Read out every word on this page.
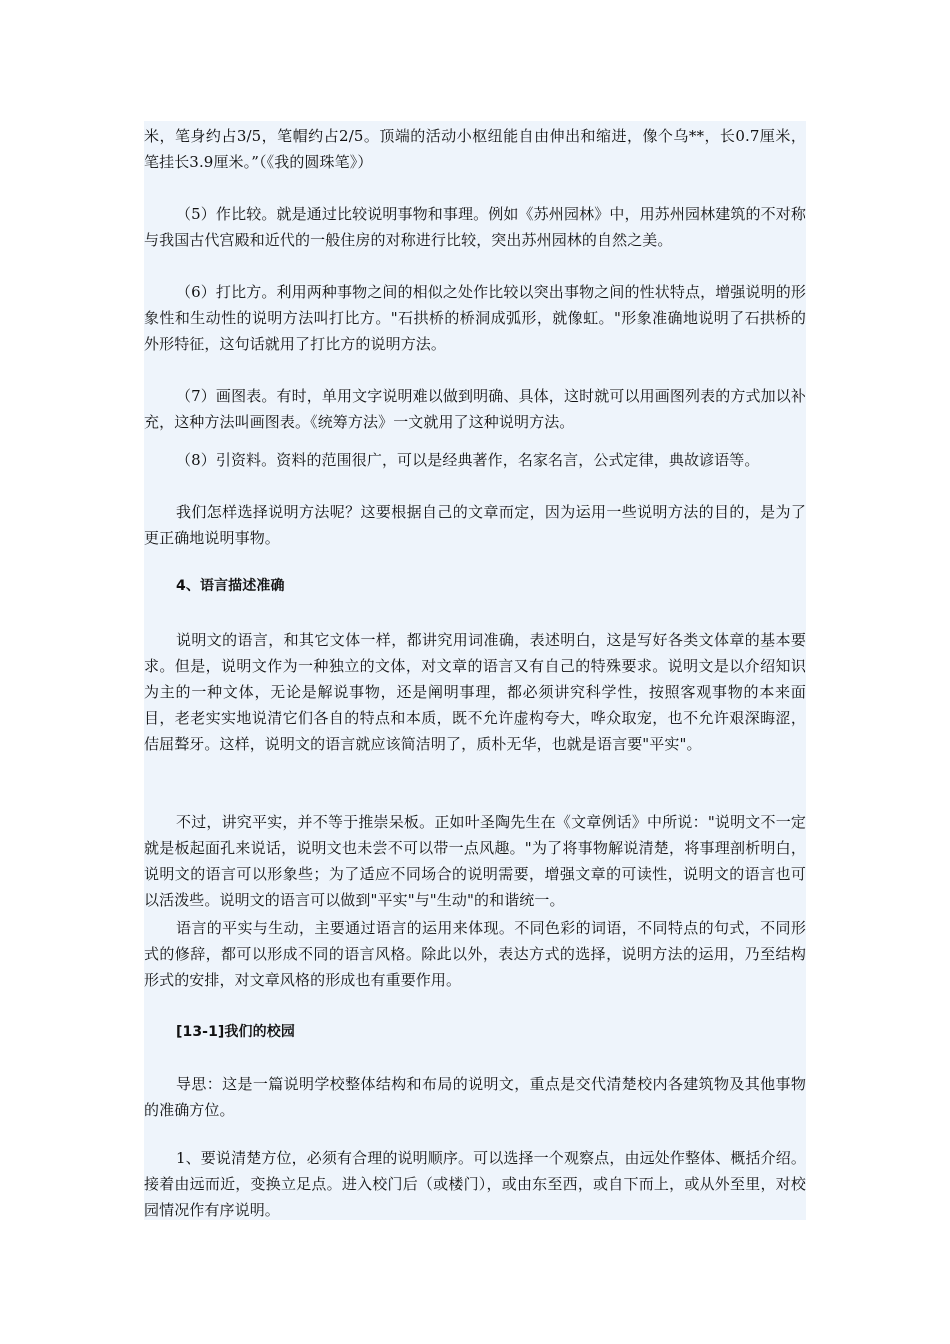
米，笔身约占3/5，笔帽约占2/5。顶端的活动小枢纽能自由伸出和缩进，像个乌**，长0.7厘米，笔挂长3.9厘米。”（《我的圆珠笔》）

（5）作比较。就是通过比较说明事物和事理。例如《苏州园林》中，用苏州园林建筑的不对称与我国古代宫殿和近代的一般住房的对称进行比较，突出苏州园林的自然之美。

（6）打比方。利用两种事物之间的相似之处作比较以突出事物之间的性状特点，增强说明的形象性和生动性的说明方法叫打比方。"石拱桥的桥洞成弧形，就像虹。"形象准确地说明了石拱桥的外形特征，这句话就用了打比方的说明方法。

（7）画图表。有时，单用文字说明难以做到明确、具体，这时就可以用画图列表的方式加以补充，这种方法叫画图表。《统筹方法》一文就用了这种说明方法。

（8）引资料。资料的范围很广，可以是经典著作，名家名言，公式定律，典故谚语等。

我们怎样选择说明方法呢？这要根据自己的文章而定，因为运用一些说明方法的目的，是为了更正确地说明事物。

4、语言描述准确

说明文的语言，和其它文体一样，都讲究用词准确，表述明白，这是写好各类文体章的基本要求。但是，说明文作为一种独立的文体，对文章的语言又有自己的特殊要求。说明文是以介绍知识为主的一种文体，无论是解说事物，还是阐明事理，都必须讲究科学性，按照客观事物的本来面目，老老实实地说清它们各自的特点和本质，既不允许虚构夸大，哗众取宠，也不允许艰深晦涩，佶屈聱牙。这样，说明文的语言就应该简洁明了，质朴无华，也就是语言要"平实"。

不过，讲究平实，并不等于推崇呆板。正如叶圣陶先生在《文章例话》中所说："说明文不一定就是板起面孔来说话，说明文也未尝不可以带一点风趣。"为了将事物解说清楚，将事理剖析明白，说明文的语言可以形象些；为了适应不同场合的说明需要，增强文章的可读性，说明文的语言也可以活泼些。说明文的语言可以做到"平实"与"生动"的和谐统一。

语言的平实与生动，主要通过语言的运用来体现。不同色彩的词语，不同特点的句式，不同形式的修辞，都可以形成不同的语言风格。除此以外，表达方式的选择，说明方法的运用，乃至结构形式的安排，对文章风格的形成也有重要作用。

[13-1]我们的校园

导思：这是一篇说明学校整体结构和布局的说明文，重点是交代清楚校内各建筑物及其他事物的准确方位。

1、要说清楚方位，必须有合理的说明顺序。可以选择一个观察点，由远处作整体、概括介绍。接着由远而近，变换立足点。进入校门后（或楼门），或由东至西，或自下而上，或从外至里，对校园情况作有序说明。
